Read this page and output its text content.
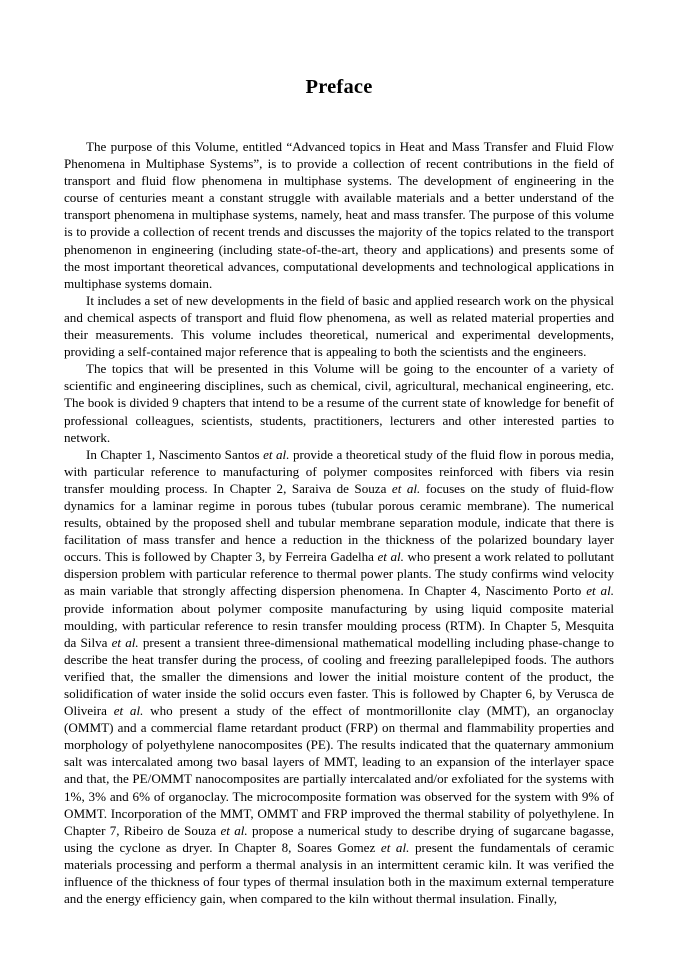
Preface

The purpose of this Volume, entitled “Advanced topics in Heat and Mass Transfer and Fluid Flow Phenomena in Multiphase Systems”, is to provide a collection of recent contributions in the field of transport and fluid flow phenomena in multiphase systems. The development of engineering in the course of centuries meant a constant struggle with available materials and a better understand of the transport phenomena in multiphase systems, namely, heat and mass transfer. The purpose of this volume is to provide a collection of recent trends and discusses the majority of the topics related to the transport phenomenon in engineering (including state-of-the-art, theory and applications) and presents some of the most important theoretical advances, computational developments and technological applications in multiphase systems domain.

It includes a set of new developments in the field of basic and applied research work on the physical and chemical aspects of transport and fluid flow phenomena, as well as related material properties and their measurements. This volume includes theoretical, numerical and experimental developments, providing a self-contained major reference that is appealing to both the scientists and the engineers.

The topics that will be presented in this Volume will be going to the encounter of a variety of scientific and engineering disciplines, such as chemical, civil, agricultural, mechanical engineering, etc. The book is divided 9 chapters that intend to be a resume of the current state of knowledge for benefit of professional colleagues, scientists, students, practitioners, lecturers and other interested parties to network.

In Chapter 1, Nascimento Santos et al. provide a theoretical study of the fluid flow in porous media, with particular reference to manufacturing of polymer composites reinforced with fibers via resin transfer moulding process. In Chapter 2, Saraiva de Souza et al. focuses on the study of fluid-flow dynamics for a laminar regime in porous tubes (tubular porous ceramic membrane). The numerical results, obtained by the proposed shell and tubular membrane separation module, indicate that there is facilitation of mass transfer and hence a reduction in the thickness of the polarized boundary layer occurs. This is followed by Chapter 3, by Ferreira Gadelha et al. who present a work related to pollutant dispersion problem with particular reference to thermal power plants. The study confirms wind velocity as main variable that strongly affecting dispersion phenomena. In Chapter 4, Nascimento Porto et al. provide information about polymer composite manufacturing by using liquid composite material moulding, with particular reference to resin transfer moulding process (RTM). In Chapter 5, Mesquita da Silva et al. present a transient three-dimensional mathematical modelling including phase-change to describe the heat transfer during the process, of cooling and freezing parallelepiped foods. The authors verified that, the smaller the dimensions and lower the initial moisture content of the product, the solidification of water inside the solid occurs even faster. This is followed by Chapter 6, by Verusca de Oliveira et al. who present a study of the effect of montmorillonite clay (MMT), an organoclay (OMMT) and a commercial flame retardant product (FRP) on thermal and flammability properties and morphology of polyethylene nanocomposites (PE). The results indicated that the quaternary ammonium salt was intercalated among two basal layers of MMT, leading to an expansion of the interlayer space and that, the PE/OMMT nanocomposites are partially intercalated and/or exfoliated for the systems with 1%, 3% and 6% of organoclay. The microcomposite formation was observed for the system with 9% of OMMT. Incorporation of the MMT, OMMT and FRP improved the thermal stability of polyethylene. In Chapter 7, Ribeiro de Souza et al. propose a numerical study to describe drying of sugarcane bagasse, using the cyclone as dryer. In Chapter 8, Soares Gomez et al. present the fundamentals of ceramic materials processing and perform a thermal analysis in an intermittent ceramic kiln. It was verified the influence of the thickness of four types of thermal insulation both in the maximum external temperature and the energy efficiency gain, when compared to the kiln without thermal insulation. Finally,
